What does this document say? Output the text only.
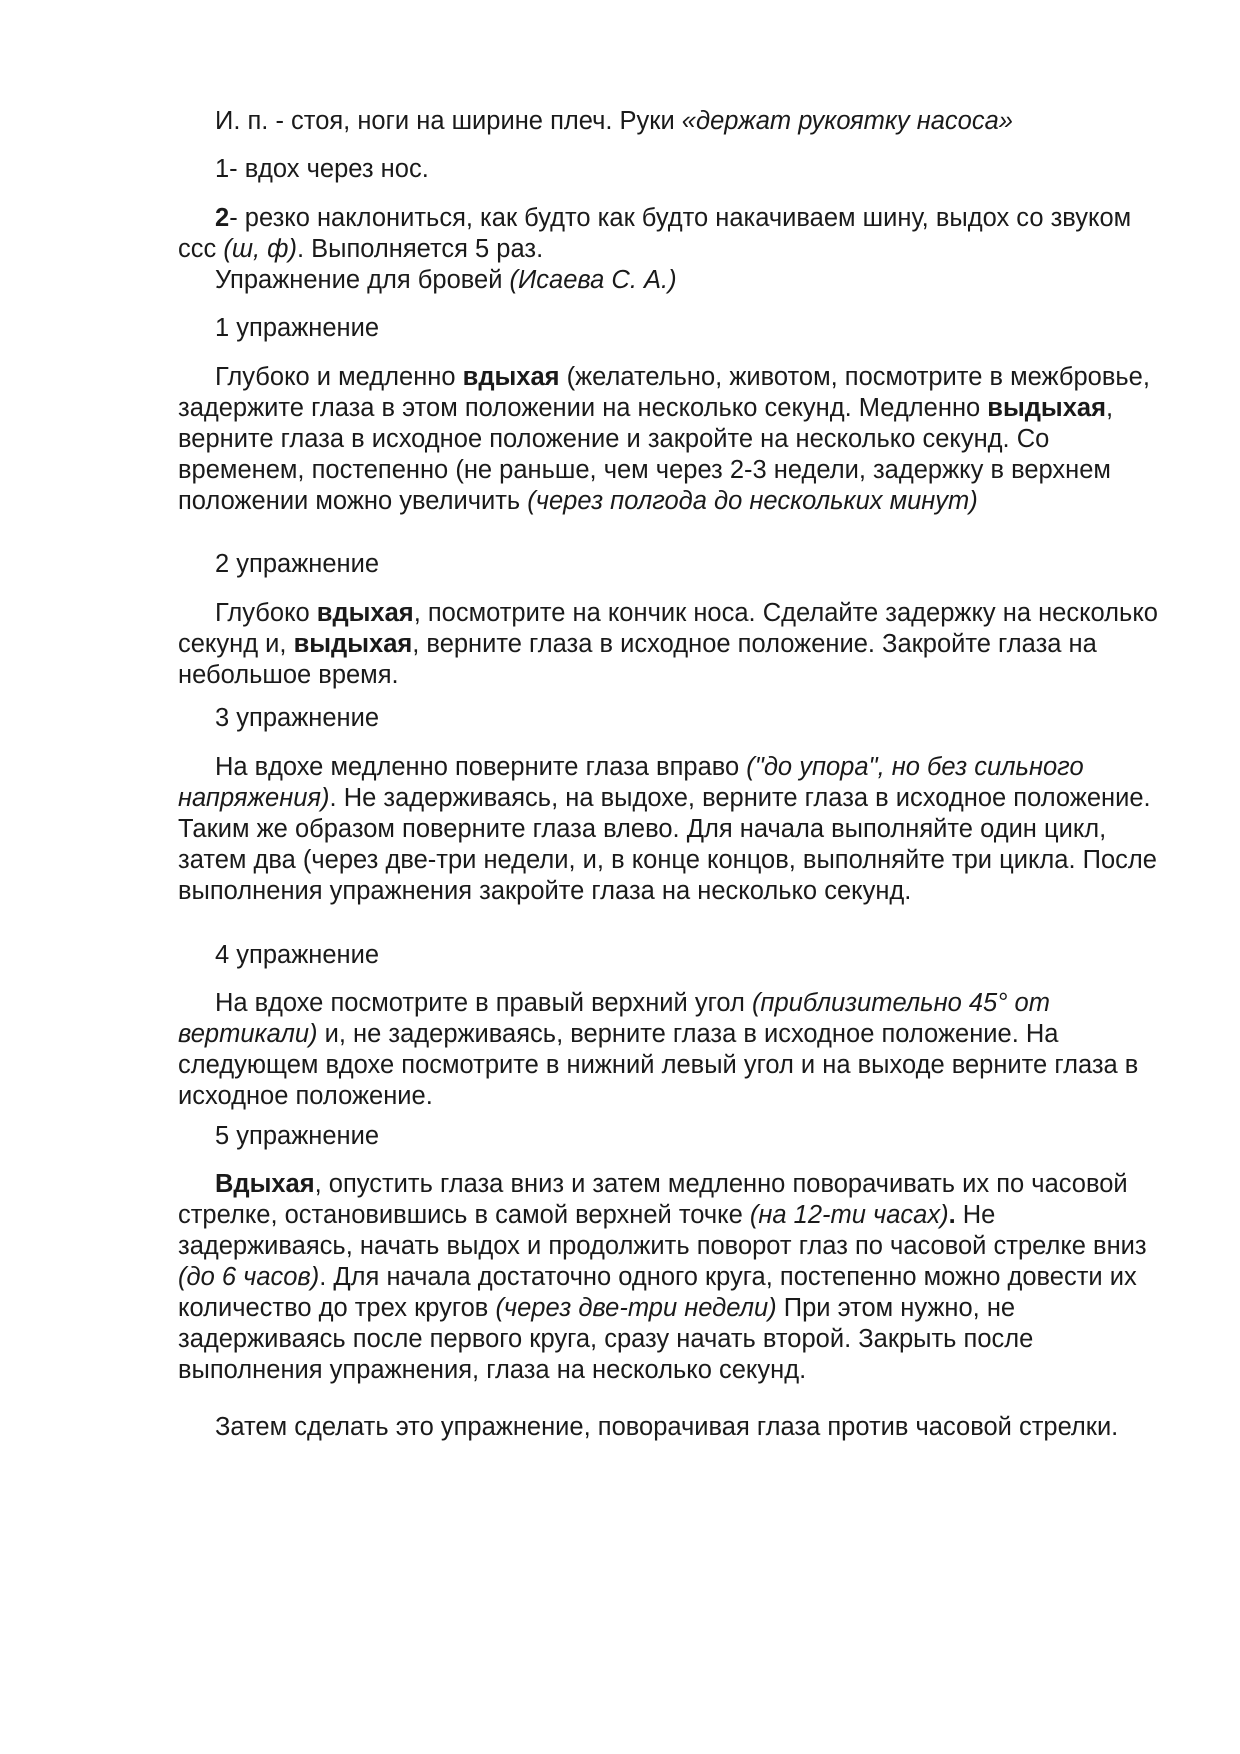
И. п. - стоя, ноги на ширине плеч. Руки «держат рукоятку насоса»

1- вдох через нос.

2- резко наклониться, как будто как будто накачиваем шину, выдох со звуком ссс (ш, ф). Выполняется 5 раз.

Упражнение для бровей (Исаева С. А.)

1 упражнение

Глубоко и медленно вдыхая (желательно, животом, посмотрите в межбровье, задержите глаза в этом положении на несколько секунд. Медленно выдыхая, верните глаза в исходное положение и закройте на несколько секунд. Со временем, постепенно (не раньше, чем через 2-3 недели, задержку в верхнем положении можно увеличить (через полгода до нескольких минут)

2 упражнение

Глубоко вдыхая, посмотрите на кончик носа. Сделайте задержку на несколько секунд и, выдыхая, верните глаза в исходное положение. Закройте глаза на небольшое время.

3 упражнение

На вдохе медленно поверните глаза вправо ("до упора", но без сильного напряжения). Не задерживаясь, на выдохе, верните глаза в исходное положение. Таким же образом поверните глаза влево. Для начала выполняйте один цикл, затем два (через две-три недели, и, в конце концов, выполняйте три цикла. После выполнения упражнения закройте глаза на несколько секунд.

4 упражнение

На вдохе посмотрите в правый верхний угол (приблизительно 45° от вертикали) и, не задерживаясь, верните глаза в исходное положение. На следующем вдохе посмотрите в нижний левый угол и на выходе верните глаза в исходное положение.

5 упражнение

Вдыхая, опустить глаза вниз и затем медленно поворачивать их по часовой стрелке, остановившись в самой верхней точке (на 12-ти часах). Не задерживаясь, начать выдох и продолжить поворот глаз по часовой стрелке вниз (до 6 часов). Для начала достаточно одного круга, постепенно можно довести их количество до трех кругов (через две-три недели) При этом нужно, не задерживаясь после первого круга, сразу начать второй. Закрыть после выполнения упражнения, глаза на несколько секунд.

Затем сделать это упражнение, поворачивая глаза против часовой стрелки.
